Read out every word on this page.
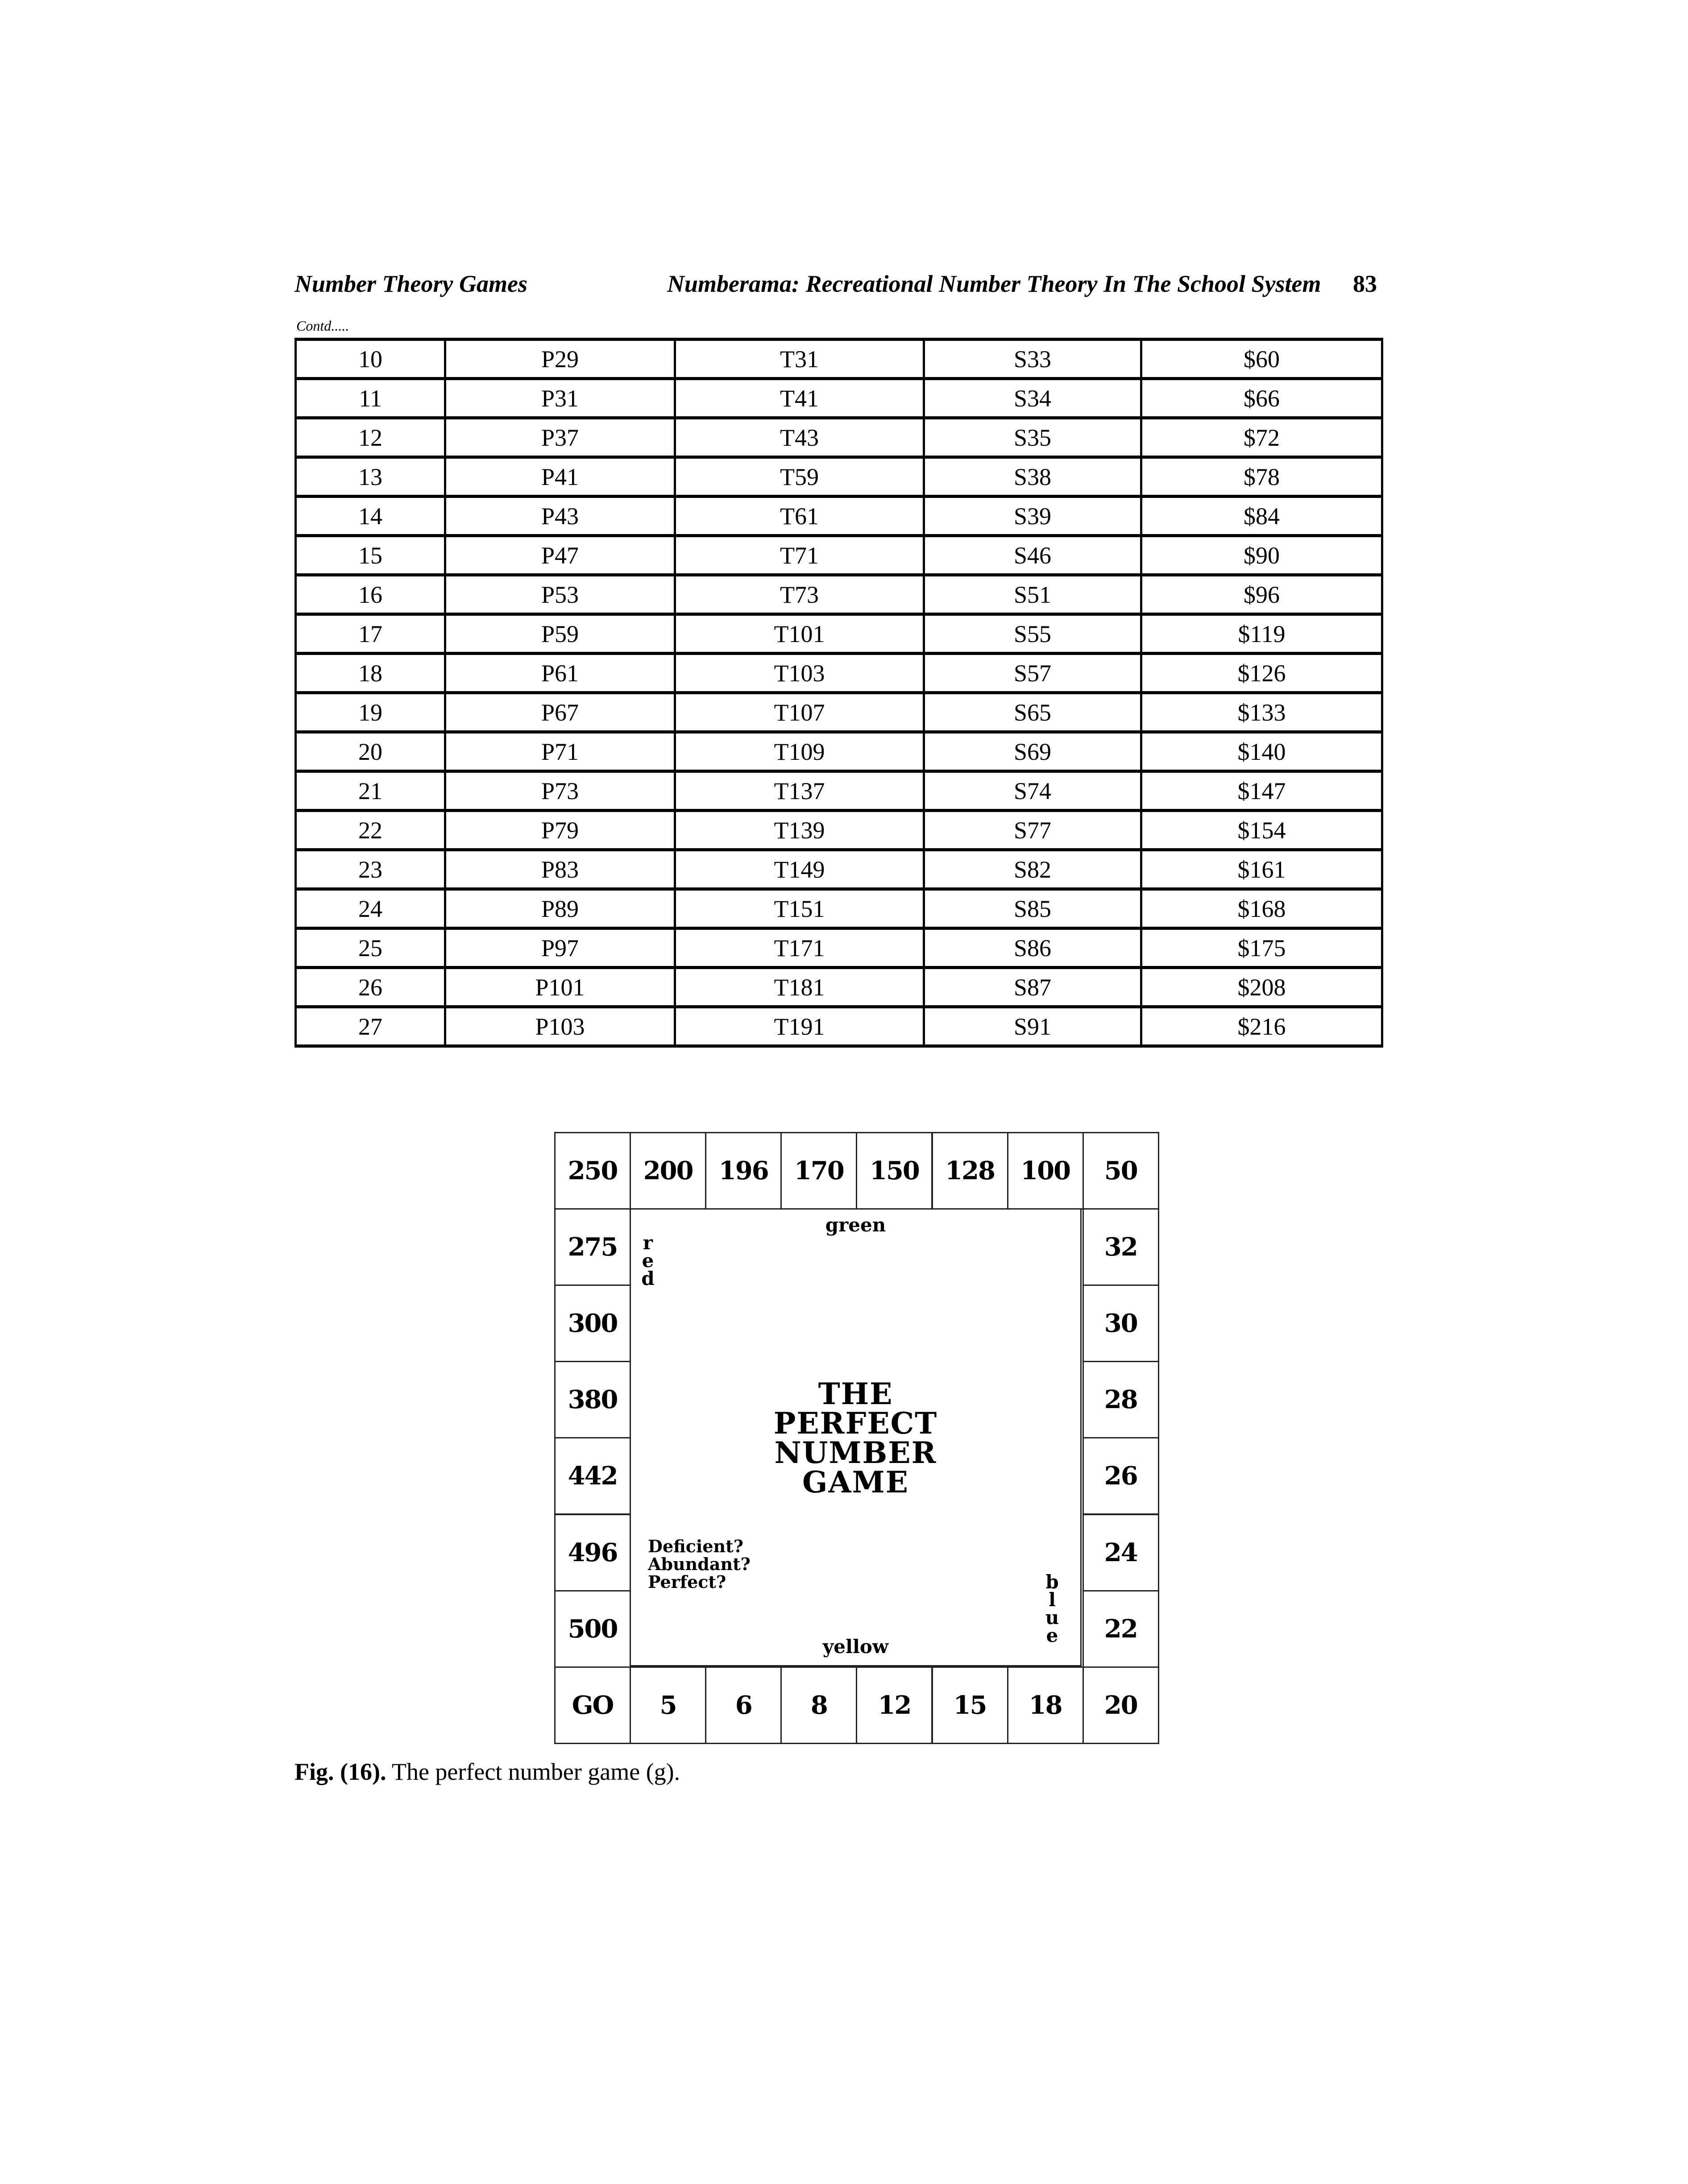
Number Theory Games	Numberama: Recreational Number Theory In The School System 83
Contd.....
10	P29	T31	S33	$60
11	P31	T41	S34	$66
12	P37	T43	S35	$72
13	P41	T59	S38	$78
14	P43	T61	S39	$84
15	P47	T71	S46	$90
16	P53	T73	S51	$96
17	P59	T101	S55	$119
18	P61	T103	S57	$126
19	P67	T107	S65	$133
20	P71	T109	S69	$140
21	P73	T137	S74	$147
22	P79	T139	S77	$154
23	P83	T149	S82	$161
24	P89	T151	S85	$168
25	P97	T171	S86	$175
26	P101	T181	S87	$208
27	P103	T191	S91	$216
green
red
THE
PERFECT
NUMBER
GAME
Deficient?
Abundant?
Perfect?	blue
yellow
250	200	196	170	150	128	100	50
275
300
380
442
496
500
32
30
28
26
24
22
GO	5	6	8	12	15	18	20
Fig. (16). The perfect number game (g).
